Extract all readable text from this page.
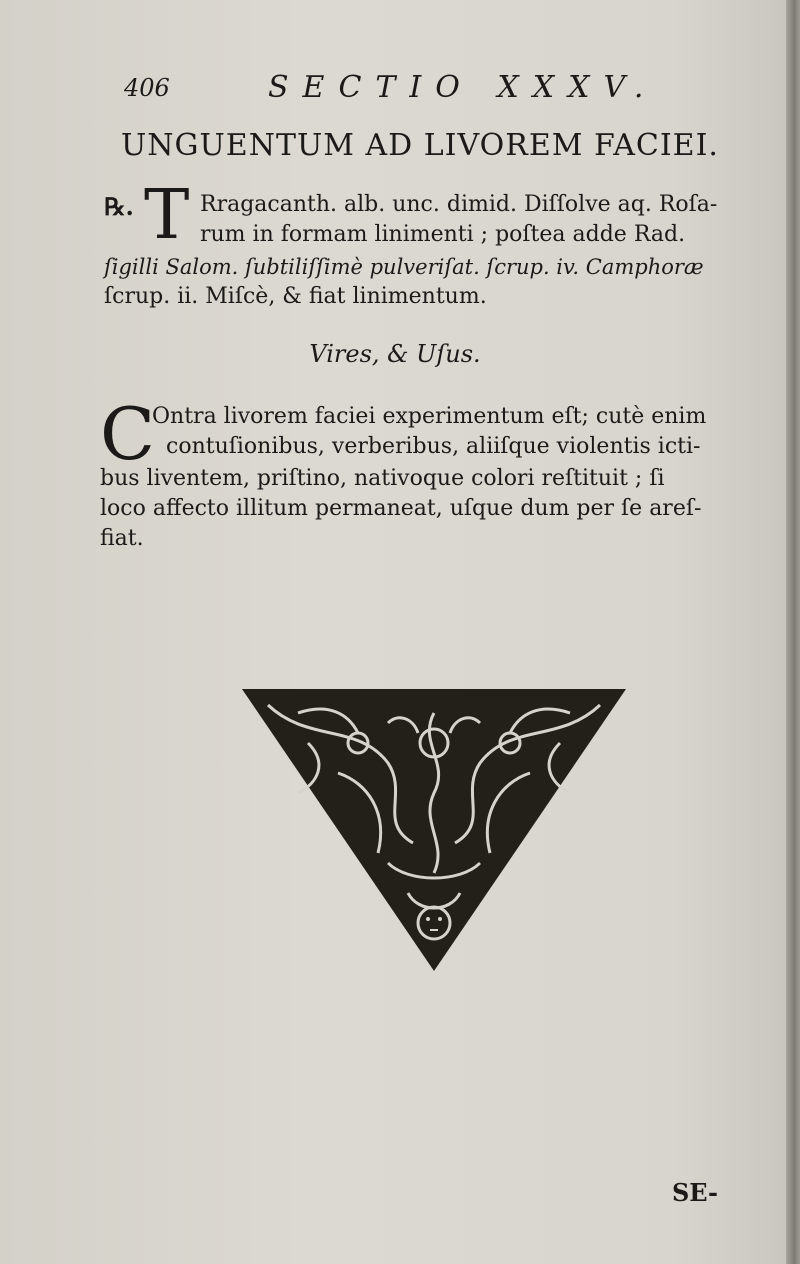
406	SECTIO XXXV.
UNGUENTUM AD LIVOREM FACIEI.
℞. T Rragacanth. alb. unc. dimid. Diſſolve aq. Roſa-
rum in formam linimenti ; poſtea adde Rad.
ſigilli Salom. ſubtiliſſimè pulveriſat. ſcrup. iv. Camphoræ
ſcrup. ii. Miſcè, & fiat linimentum.
Vires, & Uſus.
C
Ontra livorem faciei experimentum eſt; cutè enim
contuſionibus, verberibus, aliiſque violentis icti-
bus liventem, priſtino, nativoque colori reſtituit ; ſi
loco affecto illitum permaneat, uſque dum per ſe areſ-
fiat.
SE-
